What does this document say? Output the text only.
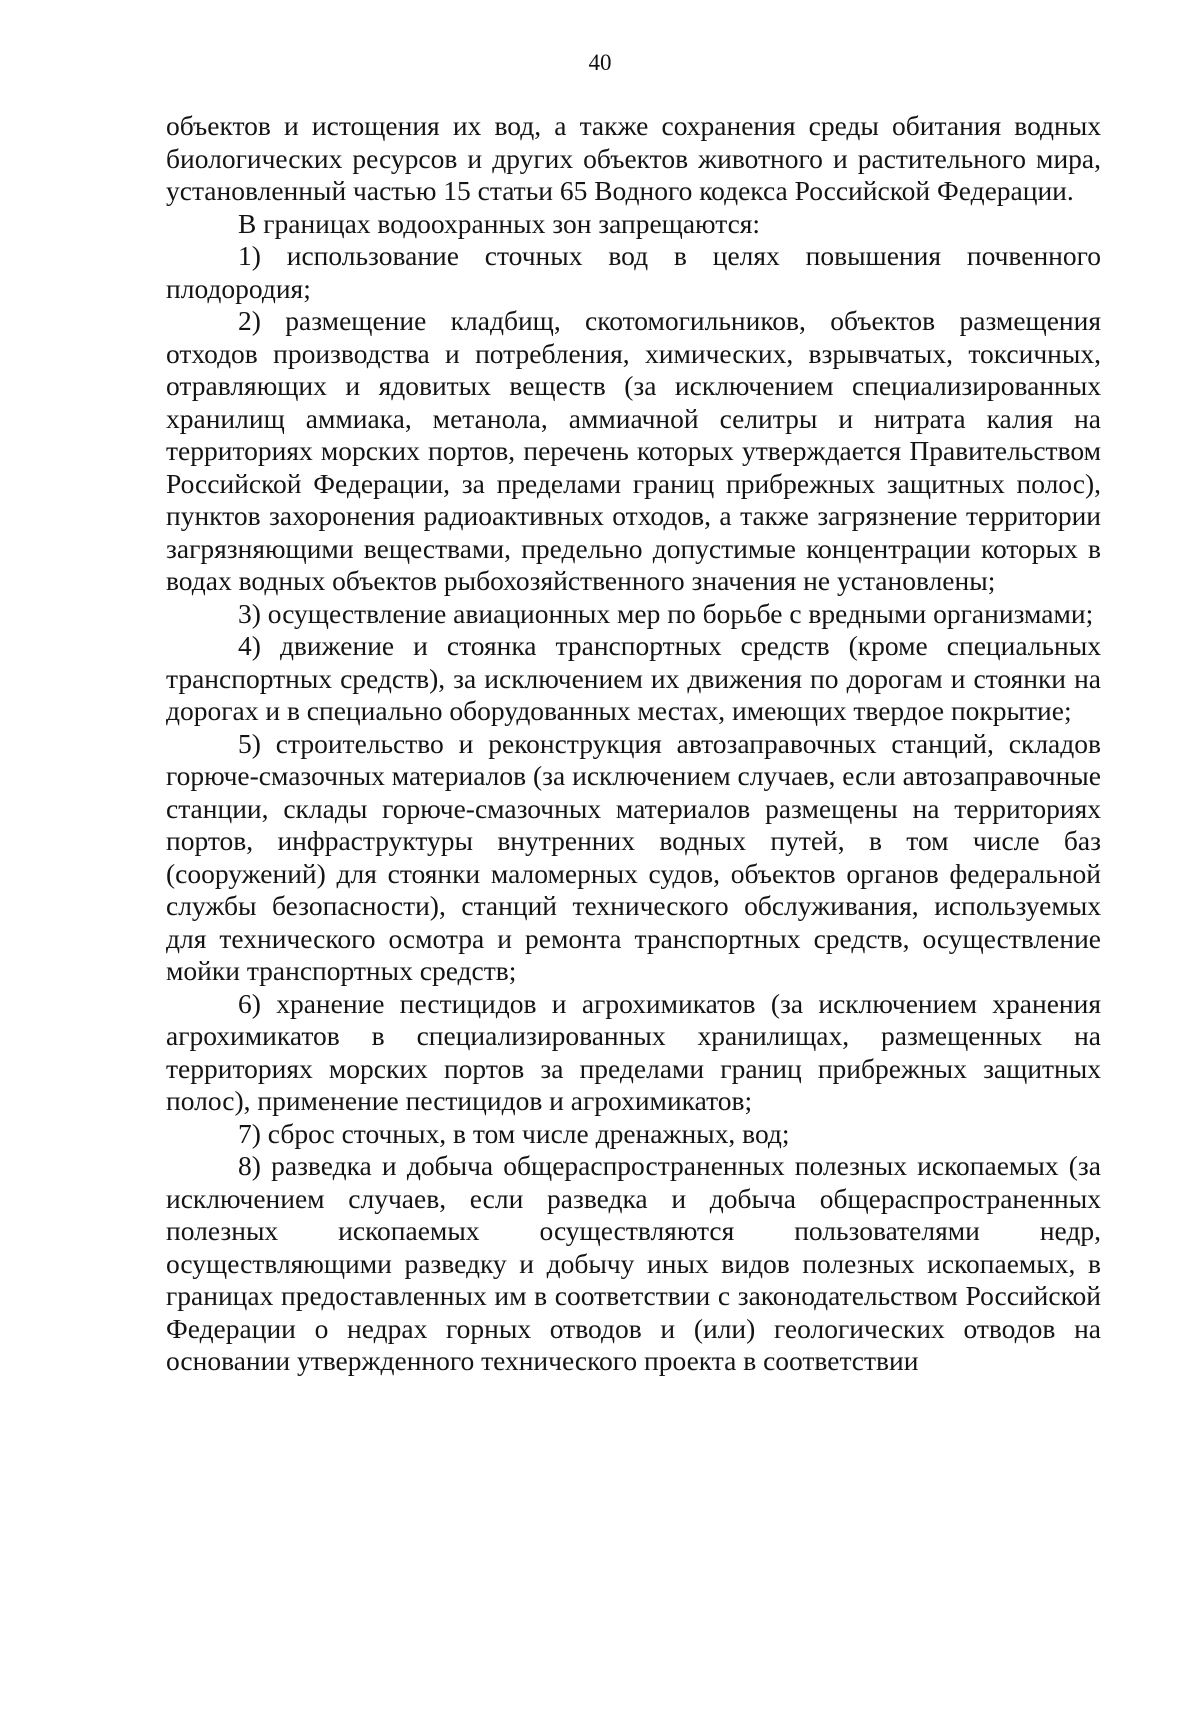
40

объектов и истощения их вод, а также сохранения среды обитания водных биологических ресурсов и других объектов животного и растительного мира, установленный частью 15 статьи 65 Водного кодекса Российской Федерации.

В границах водоохранных зон запрещаются:

1) использование сточных вод в целях повышения почвенного плодородия;

2) размещение кладбищ, скотомогильников, объектов размещения отходов производства и потребления, химических, взрывчатых, токсичных, отравляющих и ядовитых веществ (за исключением специализированных хранилищ аммиака, метанола, аммиачной селитры и нитрата калия на территориях морских портов, перечень которых утверждается Правительством Российской Федерации, за пределами границ прибрежных защитных полос), пунктов захоронения радиоактивных отходов, а также загрязнение территории загрязняющими веществами, предельно допустимые концентрации которых в водах водных объектов рыбохозяйственного значения не установлены;

3) осуществление авиационных мер по борьбе с вредными организмами;

4) движение и стоянка транспортных средств (кроме специальных транспортных средств), за исключением их движения по дорогам и стоянки на дорогах и в специально оборудованных местах, имеющих твердое покрытие;

5) строительство и реконструкция автозаправочных станций, складов горюче-смазочных материалов (за исключением случаев, если автозаправочные станции, склады горюче-смазочных материалов размещены на территориях портов, инфраструктуры внутренних водных путей, в том числе баз (сооружений) для стоянки маломерных судов, объектов органов федеральной службы безопасности), станций технического обслуживания, используемых для технического осмотра и ремонта транспортных средств, осуществление мойки транспортных средств;

6) хранение пестицидов и агрохимикатов (за исключением хранения агрохимикатов в специализированных хранилищах, размещенных на территориях морских портов за пределами границ прибрежных защитных полос), применение пестицидов и агрохимикатов;

7) сброс сточных, в том числе дренажных, вод;

8) разведка и добыча общераспространенных полезных ископаемых (за исключением случаев, если разведка и добыча общераспространенных полезных ископаемых осуществляются пользователями недр, осуществляющими разведку и добычу иных видов полезных ископаемых, в границах предоставленных им в соответствии с законодательством Российской Федерации о недрах горных отводов и (или) геологических отводов на основании утвержденного технического проекта в соответствии
